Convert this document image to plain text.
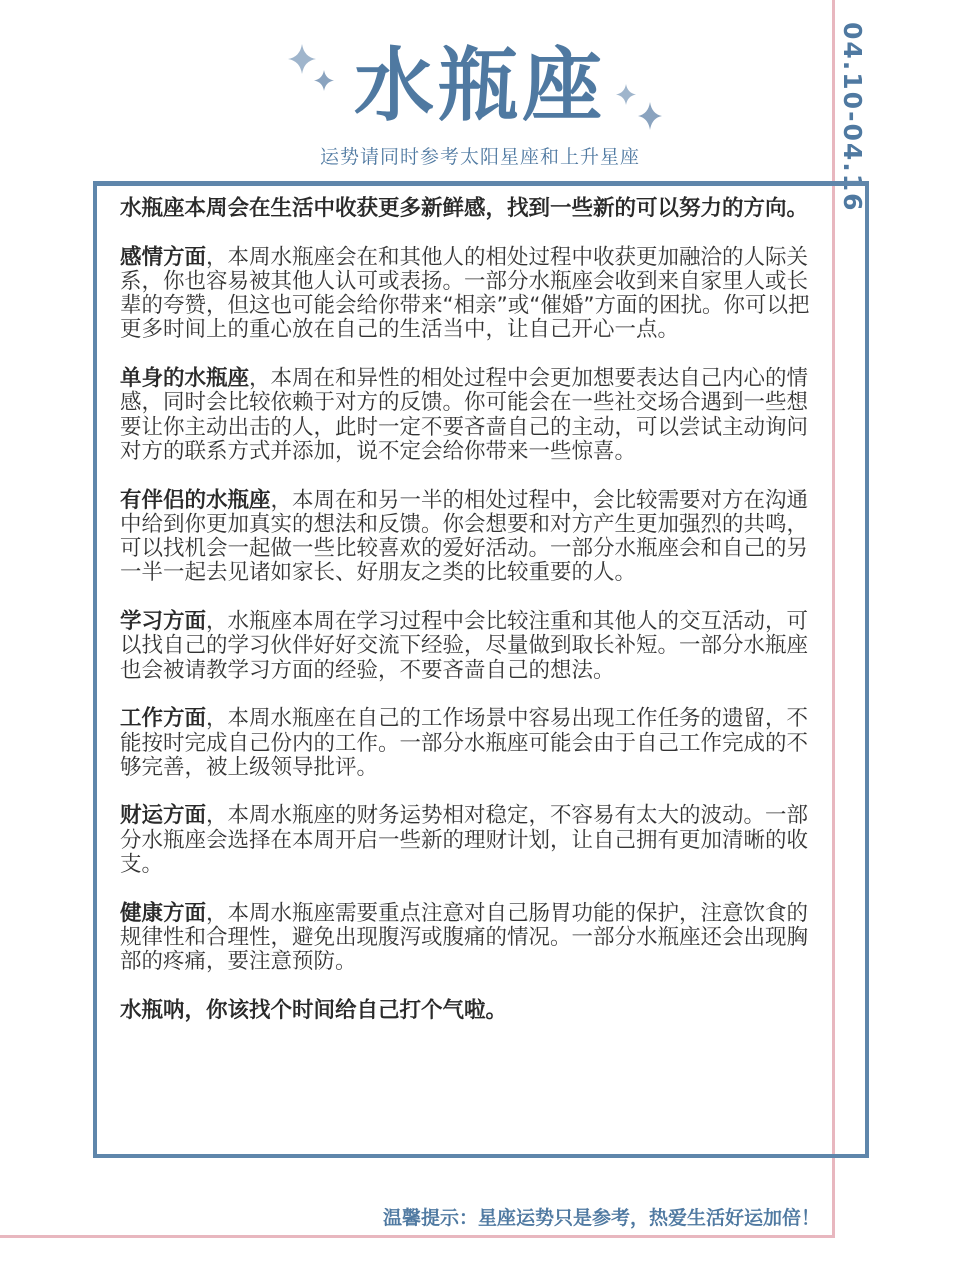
04.10-04.16
水瓶座
运势请同时参考太阳星座和上升星座

水瓶座本周会在生活中收获更多新鲜感，找到一些新的可以努力的方向。

感情方面，本周水瓶座会在和其他人的相处过程中收获更加融洽的人际关系，你也容易被其他人认可或表扬。一部分水瓶座会收到来自家里人或长辈的夸赞，但这也可能会给你带来“相亲”或“催婚”方面的困扰。你可以把更多时间上的重心放在自己的生活当中，让自己开心一点。

单身的水瓶座，本周在和异性的相处过程中会更加想要表达自己内心的情感，同时会比较依赖于对方的反馈。你可能会在一些社交场合遇到一些想要让你主动出击的人，此时一定不要吝啬自己的主动，可以尝试主动询问对方的联系方式并添加，说不定会给你带来一些惊喜。

有伴侣的水瓶座，本周在和另一半的相处过程中，会比较需要对方在沟通中给到你更加真实的想法和反馈。你会想要和对方产生更加强烈的共鸣，可以找机会一起做一些比较喜欢的爱好活动。一部分水瓶座会和自己的另一半一起去见诸如家长、好朋友之类的比较重要的人。

学习方面，水瓶座本周在学习过程中会比较注重和其他人的交互活动，可以找自己的学习伙伴好好交流下经验，尽量做到取长补短。一部分水瓶座也会被请教学习方面的经验，不要吝啬自己的想法。

工作方面，本周水瓶座在自己的工作场景中容易出现工作任务的遗留，不能按时完成自己份内的工作。一部分水瓶座可能会由于自己工作完成的不够完善，被上级领导批评。

财运方面，本周水瓶座的财务运势相对稳定，不容易有太大的波动。一部分水瓶座会选择在本周开启一些新的理财计划，让自己拥有更加清晰的收支。

健康方面，本周水瓶座需要重点注意对自己肠胃功能的保护，注意饮食的规律性和合理性，避免出现腹泻或腹痛的情况。一部分水瓶座还会出现胸部的疼痛，要注意预防。

水瓶呐，你该找个时间给自己打个气啦。

温馨提示：星座运势只是参考，热爱生活好运加倍！
